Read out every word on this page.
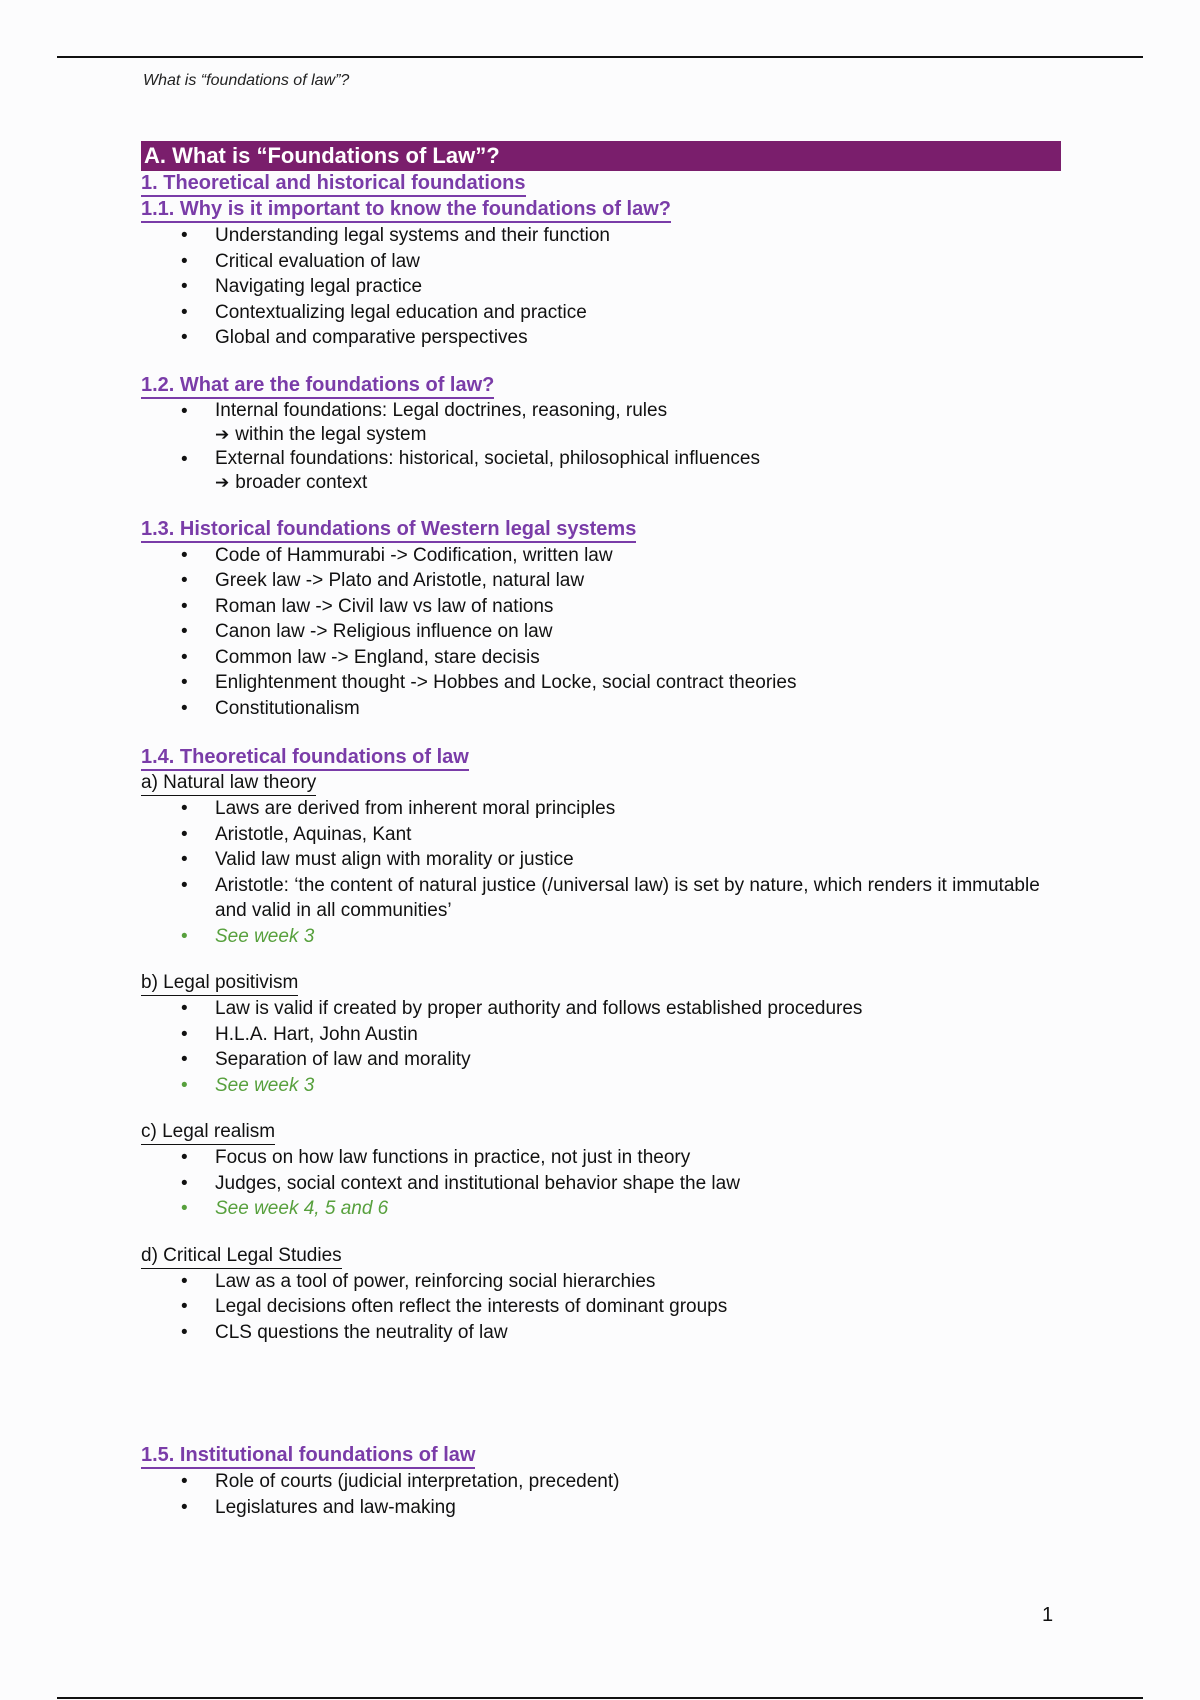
What is “foundations of law”?
A. What is “Foundations of Law”?
1. Theoretical and historical foundations
1.1. Why is it important to know the foundations of law?
• Understanding legal systems and their function
• Critical evaluation of law
• Navigating legal practice
• Contextualizing legal education and practice
• Global and comparative perspectives
1.2. What are the foundations of law?
• Internal foundations: Legal doctrines, reasoning, rules
➔ within the legal system
• External foundations: historical, societal, philosophical influences
➔ broader context
1.3. Historical foundations of Western legal systems
• Code of Hammurabi -> Codification, written law
• Greek law -> Plato and Aristotle, natural law
• Roman law -> Civil law vs law of nations
• Canon law -> Religious influence on law
• Common law -> England, stare decisis
• Enlightenment thought -> Hobbes and Locke, social contract theories
• Constitutionalism
1.4. Theoretical foundations of law
a) Natural law theory
• Laws are derived from inherent moral principles
• Aristotle, Aquinas, Kant
• Valid law must align with morality or justice
• Aristotle: ‘the content of natural justice (/universal law) is set by nature, which renders it immutable and valid in all communities’
• See week 3
b) Legal positivism
• Law is valid if created by proper authority and follows established procedures
• H.L.A. Hart, John Austin
• Separation of law and morality
• See week 3
c) Legal realism
• Focus on how law functions in practice, not just in theory
• Judges, social context and institutional behavior shape the law
• See week 4, 5 and 6
d) Critical Legal Studies
• Law as a tool of power, reinforcing social hierarchies
• Legal decisions often reflect the interests of dominant groups
• CLS questions the neutrality of law
1.5. Institutional foundations of law
• Role of courts (judicial interpretation, precedent)
• Legislatures and law-making
1
